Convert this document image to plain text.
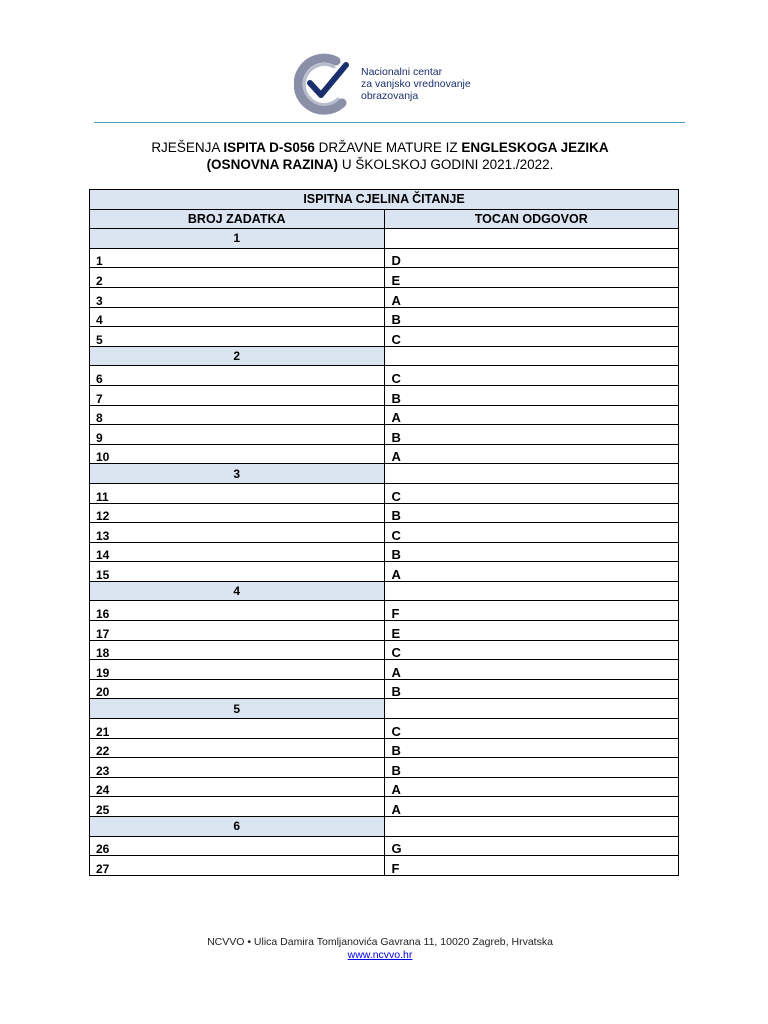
Nacionalni centar
za vanjsko vrednovanje
obrazovanja
RJEŠENJA ISPITA D-S056 DRŽAVNE MATURE IZ ENGLESKOGA JEZIKA
(OSNOVNA RAZINA) U ŠKOLSKOJ GODINI 2021./2022.
ISPITNA CJELINA ČITANJE	
BROJ ZADATKA	TOCAN ODGOVOR
1	
1	D
2	E
3	A
4	B
5	C
2	
6	C
7	B
8	A
9	B
10	A
3	
11	C
12	B
13	C
14	B
15	A
4	
16	F
17	E
18	C
19	A
20	B
5	
21	C
22	B
23	B
24	A
25	A
6	
26	G
27	F
NCVVO • Ulica Damira Tomljanovića Gavrana 11, 10020 Zagreb, Hrvatska
www.ncvvo.hr
